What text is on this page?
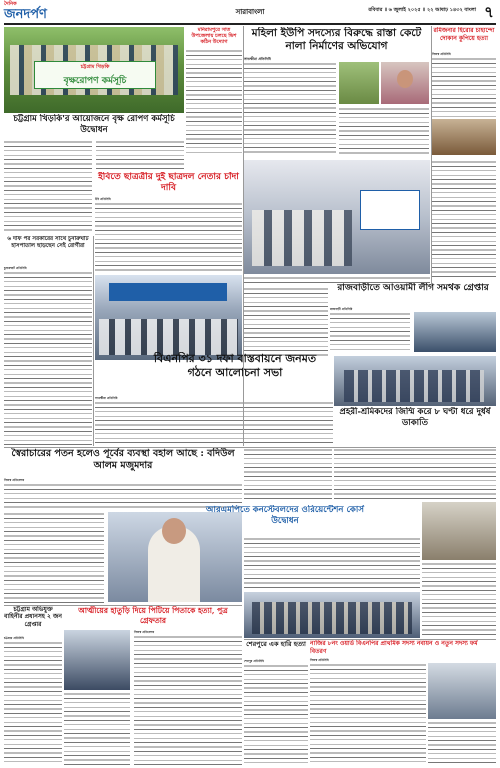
দৈনিক
জনদর্পণ	সারাবাংলা	রবিবার ॥ ৬ জুলাই ২০২৫ ॥ ২২ আষাঢ় ১৪৩২ বাংলা ৭
চট্টগ্রাম খিড়কি
বৃক্ষরোপণ কর্মসূচি
মনিরামপুরে সাত উপজেলায় চলছে ভিশ কঠিন উদ্যোগ
মহিলা ইউপি সদস্যের বিরুদ্ধে রাস্তা কেটে নালা নির্মাণের অভিযোগ
সাতক্ষীরা প্রতিনিধি
রমিজনার হিরোর চাহান্দো দোকান কুপিয়ে হত্যা
নিজস্ব প্রতিনিধি
চট্টগ্রাম খিড়কি'র আয়োজনে বৃক্ষ রোপণ কর্মসূচি উদ্বোধন
৬ দফি পর সরকারের সাথে চুনারুঘাট হাসপাতাল ছাড়ছেন সেই রোগীরা
চুনারুঘাট প্রতিনিধি
ইবিতে ছাত্রত্রীর দুই ছাত্রদল নেতার চাঁদা দাবি
ইবি প্রতিনিধি
রাজবাড়ীতে আওয়ামী লীগ সমর্থক গ্রেপ্তার
রাজবাড়ী প্রতিনিধি
বিএনপির ৩১ দফা বাস্তবায়নে জনমত গঠনে আলোচনা সভা
সাতক্ষীরা প্রতিনিধি
প্রহরী-শ্রমিকদের জিম্মি করে ৮ ঘণ্টা ধরে দুর্ধর্ষ ডাকাতি
স্বৈরাচারের পতন হলেও পূর্বের ব্যবস্থা বহাল আছে : বদিউল আলম মজুমদার
নিজস্ব প্রতিবেদক
আরএমপিতে কনস্টেবলদের ওরিয়েন্টেশন কোর্স উদ্বোধন
চট্টগ্রাম অভিযুক্ত বাহিনীর প্রধানসহ ২ জন গ্রেপ্তার
চট্টগ্রাম প্রতিনিধি
আত্মীয়ের হাতুড়ি দিয়ে পিটিয়ে পিতাকে হত্যা, পুত্র গ্রেফতার
নিজস্ব প্রতিবেদক
শেরপুরে এক হারি হত্যা
শেরপুর প্রতিনিধি
নাজির ৮নং ওয়ার্ড বিএনপির প্রাথমিক সদস্য নবায়ন ও নতুন সদস্য ফর্ম বিতরণ
নিজস্ব প্রতিনিধি
